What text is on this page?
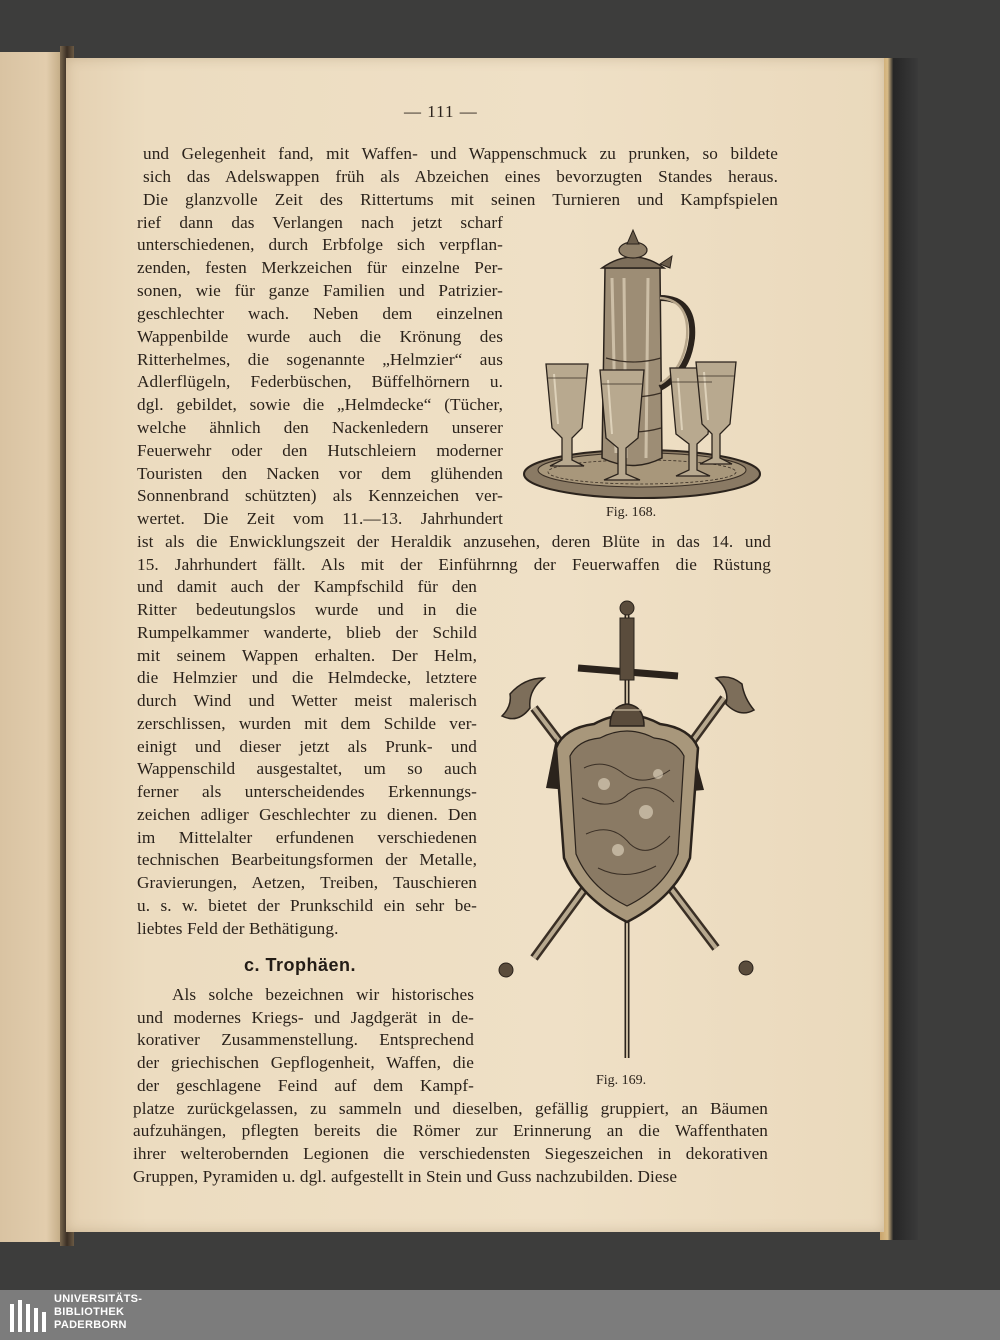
— 111 —
und Gelegenheit fand, mit Waffen- und Wappenschmuck zu prunken, so bildete
sich das Adelswappen früh als Abzeichen eines bevorzugten Standes heraus.
Die glanzvolle Zeit des Rittertums mit seinen Turnieren und Kampfspielen
rief dann das Verlangen nach jetzt scharf
unterschiedenen, durch Erbfolge sich verpflan-
zenden, festen Merkzeichen für einzelne Per-
sonen, wie für ganze Familien und Patrizier-
geschlechter wach. Neben dem einzelnen
Wappenbilde wurde auch die Krönung des
Ritterhelmes, die sogenannte „Helmzier“ aus
Adlerflügeln, Federbüschen, Büffelhörnern u.
dgl. gebildet, sowie die „Helmdecke“ (Tücher,
welche ähnlich den Nackenledern unserer
Feuerwehr oder den Hutschleiern moderner
Touristen den Nacken vor dem glühenden
Sonnenbrand schützten) als Kennzeichen ver-
wertet. Die Zeit vom 11.—13. Jahrhundert
ist als die Enwicklungszeit der Heraldik anzusehen, deren Blüte in das 14. und
15. Jahrhundert fällt. Als mit der Einführnng der Feuerwaffen die Rüstung
und damit auch der Kampfschild für den
Ritter bedeutungslos wurde und in die
Rumpelkammer wanderte, blieb der Schild
mit seinem Wappen erhalten. Der Helm,
die Helmzier und die Helmdecke, letztere
durch Wind und Wetter meist malerisch
zerschlissen, wurden mit dem Schilde ver-
einigt und dieser jetzt als Prunk- und
Wappenschild ausgestaltet, um so auch
ferner als unterscheidendes Erkennungs-
zeichen adliger Geschlechter zu dienen. Den
im Mittelalter erfundenen verschiedenen
technischen Bearbeitungsformen der Metalle,
Gravierungen, Aetzen, Treiben, Tauschieren
u. s. w. bietet der Prunkschild ein sehr be-
liebtes Feld der Bethätigung.
Als solche bezeichnen wir historisches
und modernes Kriegs- und Jagdgerät in de-
korativer Zusammenstellung. Entsprechend
der griechischen Gepflogenheit, Waffen, die
der geschlagene Feind auf dem Kampf-
platze zurückgelassen, zu sammeln und dieselben, gefällig gruppiert, an Bäumen
aufzuhängen, pflegten bereits die Römer zur Erinnerung an die Waffenthaten
ihrer welterobernden Legionen die verschiedensten Siegeszeichen in dekorativen
Gruppen, Pyramiden u. dgl. aufgestellt in Stein und Guss nachzubilden. Diese
c. Trophäen.
Fig. 168.
Fig. 169.
UNIVERSITÄTS-
BIBLIOTHEK
PADERBORN
